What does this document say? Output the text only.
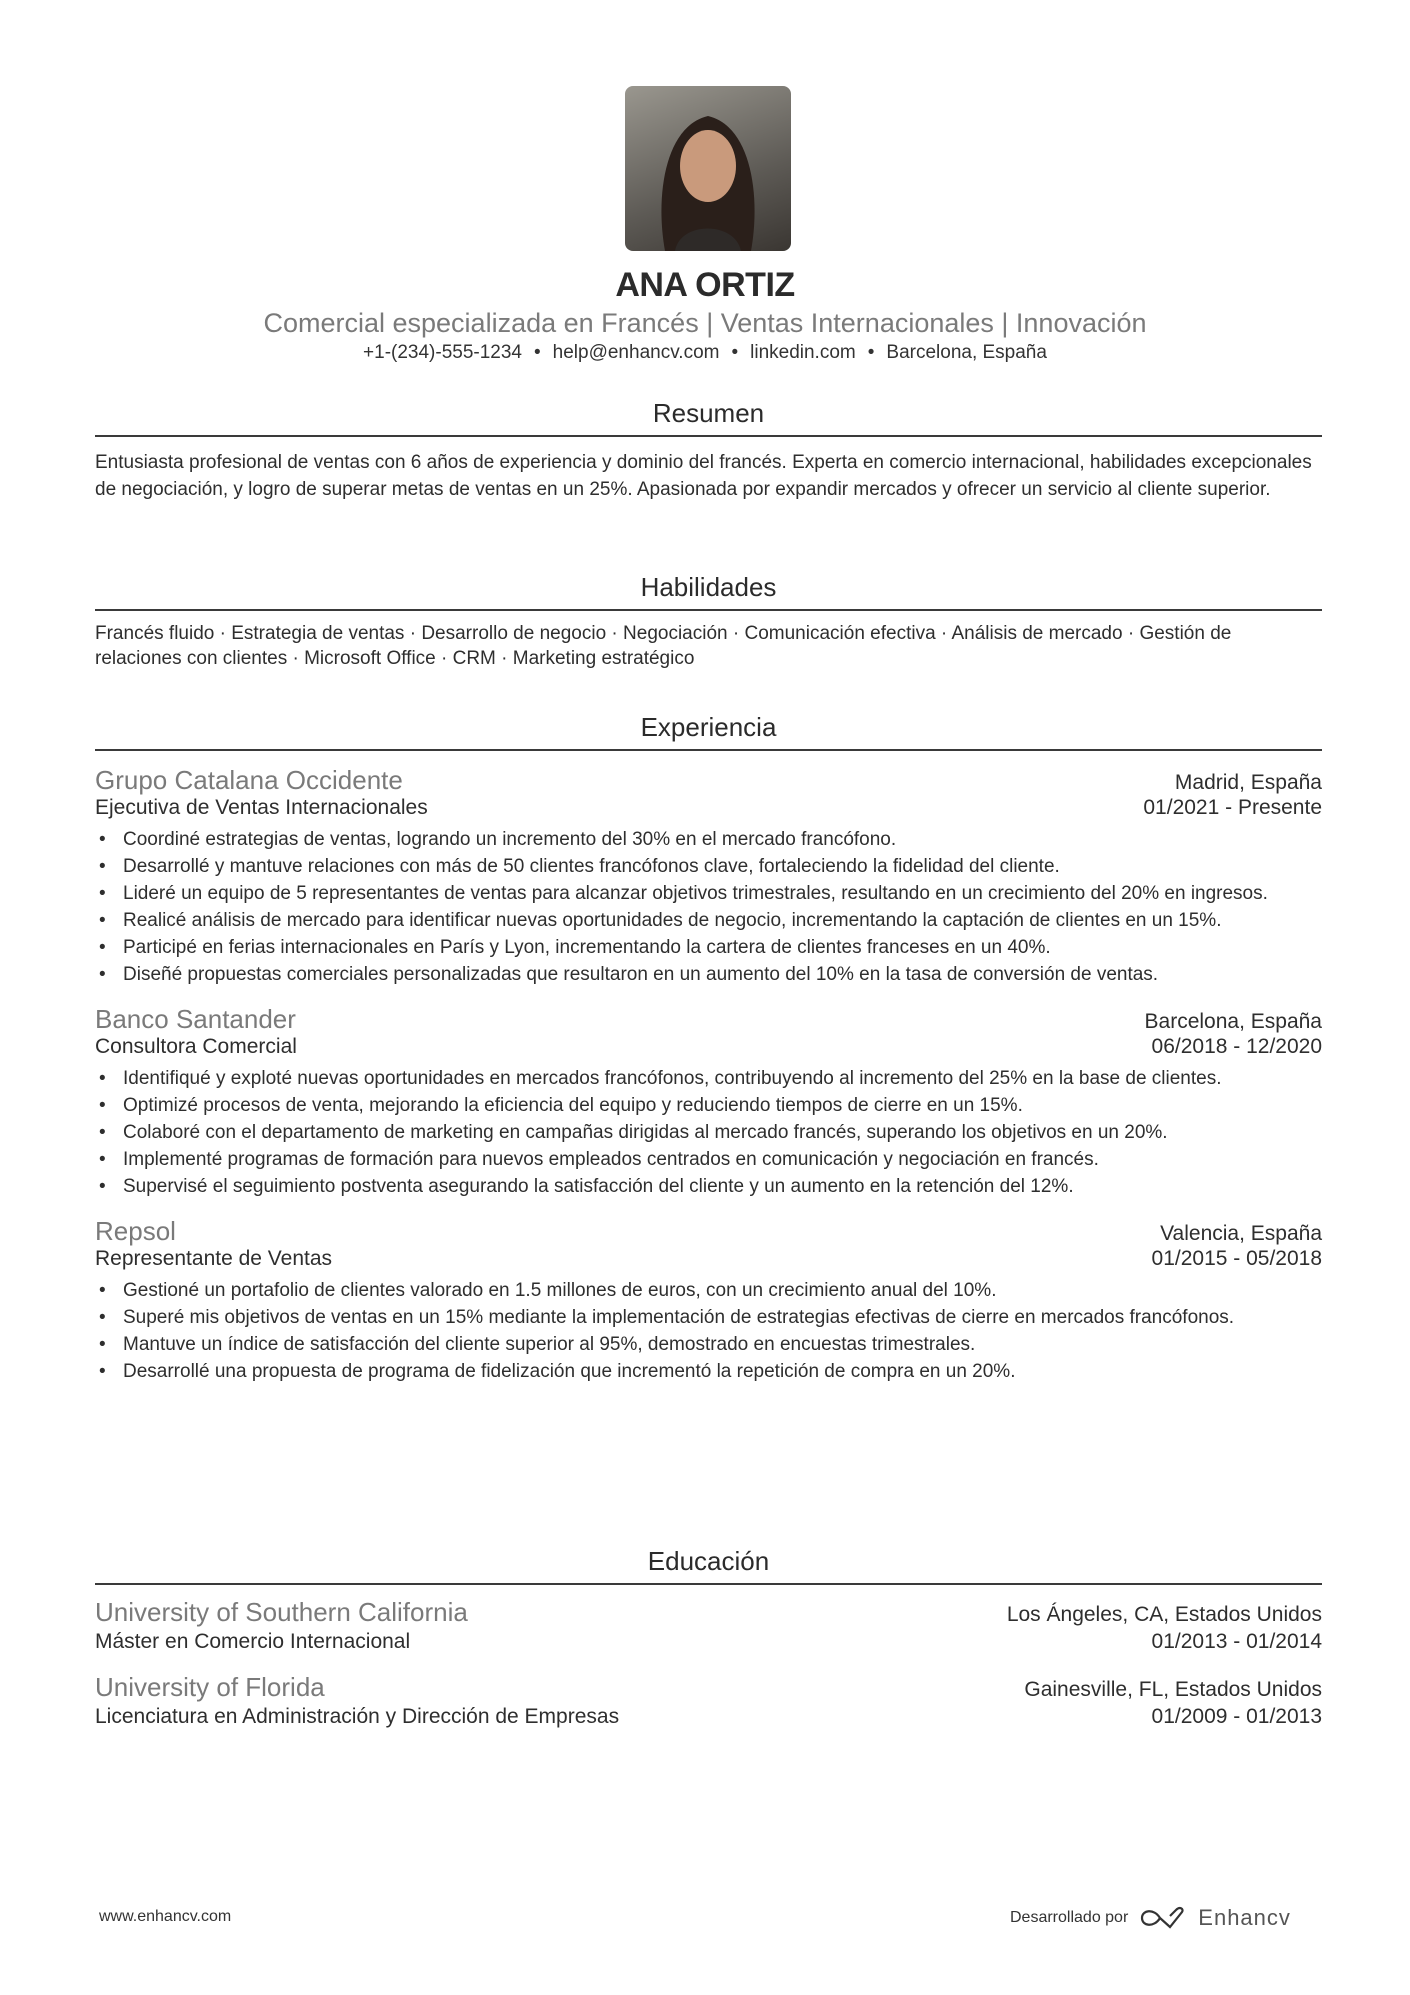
ANA ORTIZ
Comercial especializada en Francés | Ventas Internacionales | Innovación
+1-(234)-555-1234 • help@enhancv.com • linkedin.com • Barcelona, España
Resumen
Entusiasta profesional de ventas con 6 años de experiencia y dominio del francés. Experta en comercio internacional, habilidades excepcionales de negociación, y logro de superar metas de ventas en un 25%. Apasionada por expandir mercados y ofrecer un servicio al cliente superior.
Habilidades
Francés fluido · Estrategia de ventas · Desarrollo de negocio · Negociación · Comunicación efectiva · Análisis de mercado · Gestión de relaciones con clientes · Microsoft Office · CRM · Marketing estratégico
Experiencia
Grupo Catalana Occidente	Madrid, España
Ejecutiva de Ventas Internacionales	01/2021 - Presente
• Coordiné estrategias de ventas, logrando un incremento del 30% en el mercado francófono.
• Desarrollé y mantuve relaciones con más de 50 clientes francófonos clave, fortaleciendo la fidelidad del cliente.
• Lideré un equipo de 5 representantes de ventas para alcanzar objetivos trimestrales, resultando en un crecimiento del 20% en ingresos.
• Realicé análisis de mercado para identificar nuevas oportunidades de negocio, incrementando la captación de clientes en un 15%.
• Participé en ferias internacionales en París y Lyon, incrementando la cartera de clientes franceses en un 40%.
• Diseñé propuestas comerciales personalizadas que resultaron en un aumento del 10% en la tasa de conversión de ventas.
Banco Santander	Barcelona, España
Consultora Comercial	06/2018 - 12/2020
• Identifiqué y exploté nuevas oportunidades en mercados francófonos, contribuyendo al incremento del 25% en la base de clientes.
• Optimizé procesos de venta, mejorando la eficiencia del equipo y reduciendo tiempos de cierre en un 15%.
• Colaboré con el departamento de marketing en campañas dirigidas al mercado francés, superando los objetivos en un 20%.
• Implementé programas de formación para nuevos empleados centrados en comunicación y negociación en francés.
• Supervisé el seguimiento postventa asegurando la satisfacción del cliente y un aumento en la retención del 12%.
Repsol	Valencia, España
Representante de Ventas	01/2015 - 05/2018
• Gestioné un portafolio de clientes valorado en 1.5 millones de euros, con un crecimiento anual del 10%.
• Superé mis objetivos de ventas en un 15% mediante la implementación de estrategias efectivas de cierre en mercados francófonos.
• Mantuve un índice de satisfacción del cliente superior al 95%, demostrado en encuestas trimestrales.
• Desarrollé una propuesta de programa de fidelización que incrementó la repetición de compra en un 20%.
Educación
University of Southern California	Los Ángeles, CA, Estados Unidos
Máster en Comercio Internacional	01/2013 - 01/2014
University of Florida	Gainesville, FL, Estados Unidos
Licenciatura en Administración y Dirección de Empresas	01/2009 - 01/2013
www.enhancv.com	Desarrollado por	Enhancv
